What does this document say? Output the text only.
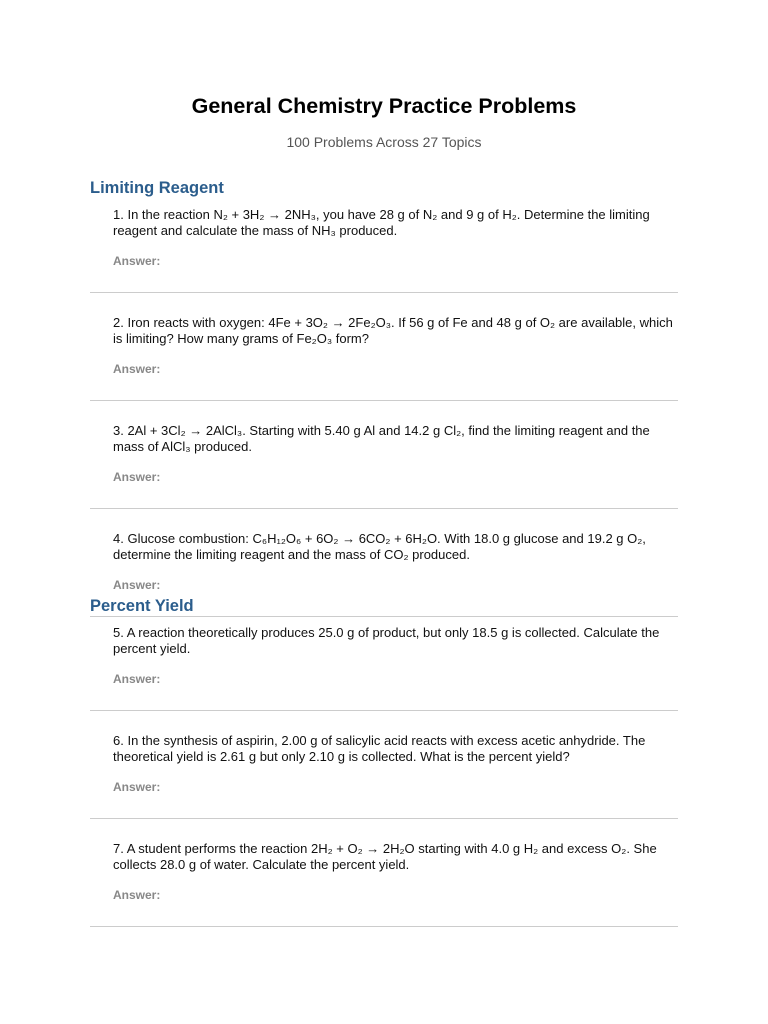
General Chemistry Practice Problems
100 Problems Across 27 Topics
Limiting Reagent

1. In the reaction N₂ + 3H₂ → 2NH₃, you have 28 g of N₂ and 9 g of H₂. Determine the limiting reagent and calculate the mass of NH₃ produced.

Answer:

2. Iron reacts with oxygen: 4Fe + 3O₂ → 2Fe₂O₃. If 56 g of Fe and 48 g of O₂ are available, which is limiting? How many grams of Fe₂O₃ form?

Answer:

3. 2Al + 3Cl₂ → 2AlCl₃. Starting with 5.40 g Al and 14.2 g Cl₂, find the limiting reagent and the mass of AlCl₃ produced.

Answer:

4. Glucose combustion: C₆H₁₂O₆ + 6O₂ → 6CO₂ + 6H₂O. With 18.0 g glucose and 19.2 g O₂, determine the limiting reagent and the mass of CO₂ produced.

Answer:
Percent Yield

5. A reaction theoretically produces 25.0 g of product, but only 18.5 g is collected. Calculate the percent yield.

Answer:

6. In the synthesis of aspirin, 2.00 g of salicylic acid reacts with excess acetic anhydride. The theoretical yield is 2.61 g but only 2.10 g is collected. What is the percent yield?

Answer:

7. A student performs the reaction 2H₂ + O₂ → 2H₂O starting with 4.0 g H₂ and excess O₂. She collects 28.0 g of water. Calculate the percent yield.

Answer:
